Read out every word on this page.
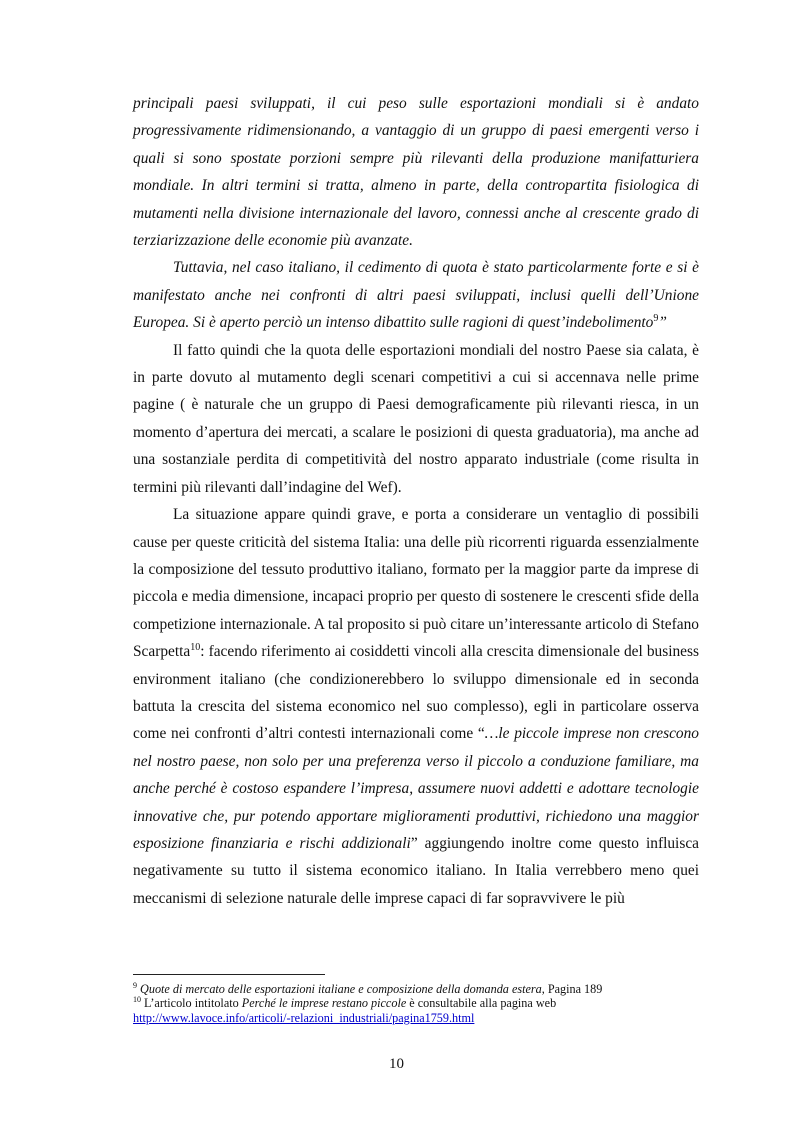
principali paesi sviluppati, il cui peso sulle esportazioni mondiali si è andato progressivamente ridimensionando, a vantaggio di un gruppo di paesi emergenti verso i quali si sono spostate porzioni sempre più rilevanti della produzione manifatturiera mondiale. In altri termini si tratta, almeno in parte, della contropartita fisiologica di mutamenti nella divisione internazionale del lavoro, connessi anche al crescente grado di terziarizzazione delle economie più avanzate.

Tuttavia, nel caso italiano, il cedimento di quota è stato particolarmente forte e si è manifestato anche nei confronti di altri paesi sviluppati, inclusi quelli dell’Unione Europea. Si è aperto perciò un intenso dibattito sulle ragioni di quest’indebolimento$^9$”

Il fatto quindi che la quota delle esportazioni mondiali del nostro Paese sia calata, è in parte dovuto al mutamento degli scenari competitivi a cui si accennava nelle prime pagine ( è naturale che un gruppo di Paesi demograficamente più rilevanti riesca, in un momento d’apertura dei mercati, a scalare le posizioni di questa graduatoria), ma anche ad una sostanziale perdita di competitività del nostro apparato industriale (come risulta in termini più rilevanti dall’indagine del Wef).

La situazione appare quindi grave, e porta a considerare un ventaglio di possibili cause per queste criticità del sistema Italia: una delle più ricorrenti riguarda essenzialmente la composizione del tessuto produttivo italiano, formato per la maggior parte da imprese di piccola e media dimensione, incapaci proprio per questo di sostenere le crescenti sfide della competizione internazionale. A tal proposito si può citare un’interessante articolo di Stefano Scarpetta$^{10}$: facendo riferimento ai cosiddetti vincoli alla crescita dimensionale del business environment italiano (che condizionerebbero lo sviluppo dimensionale ed in seconda battuta la crescita del sistema economico nel suo complesso), egli in particolare osserva come nei confronti d’altri contesti internazionali come “…le piccole imprese non crescono nel nostro paese, non solo per una preferenza verso il piccolo a conduzione familiare, ma anche perché è costoso espandere l’impresa, assumere nuovi addetti e adottare tecnologie innovative che, pur potendo apportare miglioramenti produttivi, richiedono una maggior esposizione finanziaria e rischi addizionali” aggiungendo inoltre come questo influisca negativamente su tutto il sistema economico italiano. In Italia verrebbero meno quei meccanismi di selezione naturale delle imprese capaci di far sopravvivere le più

$^9$ Quote di mercato delle esportazioni italiane e composizione della domanda estera, Pagina 189
$^{10}$ L’articolo intitolato Perché le imprese restano piccole è consultabile alla pagina web
http://www.lavoce.info/articoli/-relazioni_industriali/pagina1759.html
10
